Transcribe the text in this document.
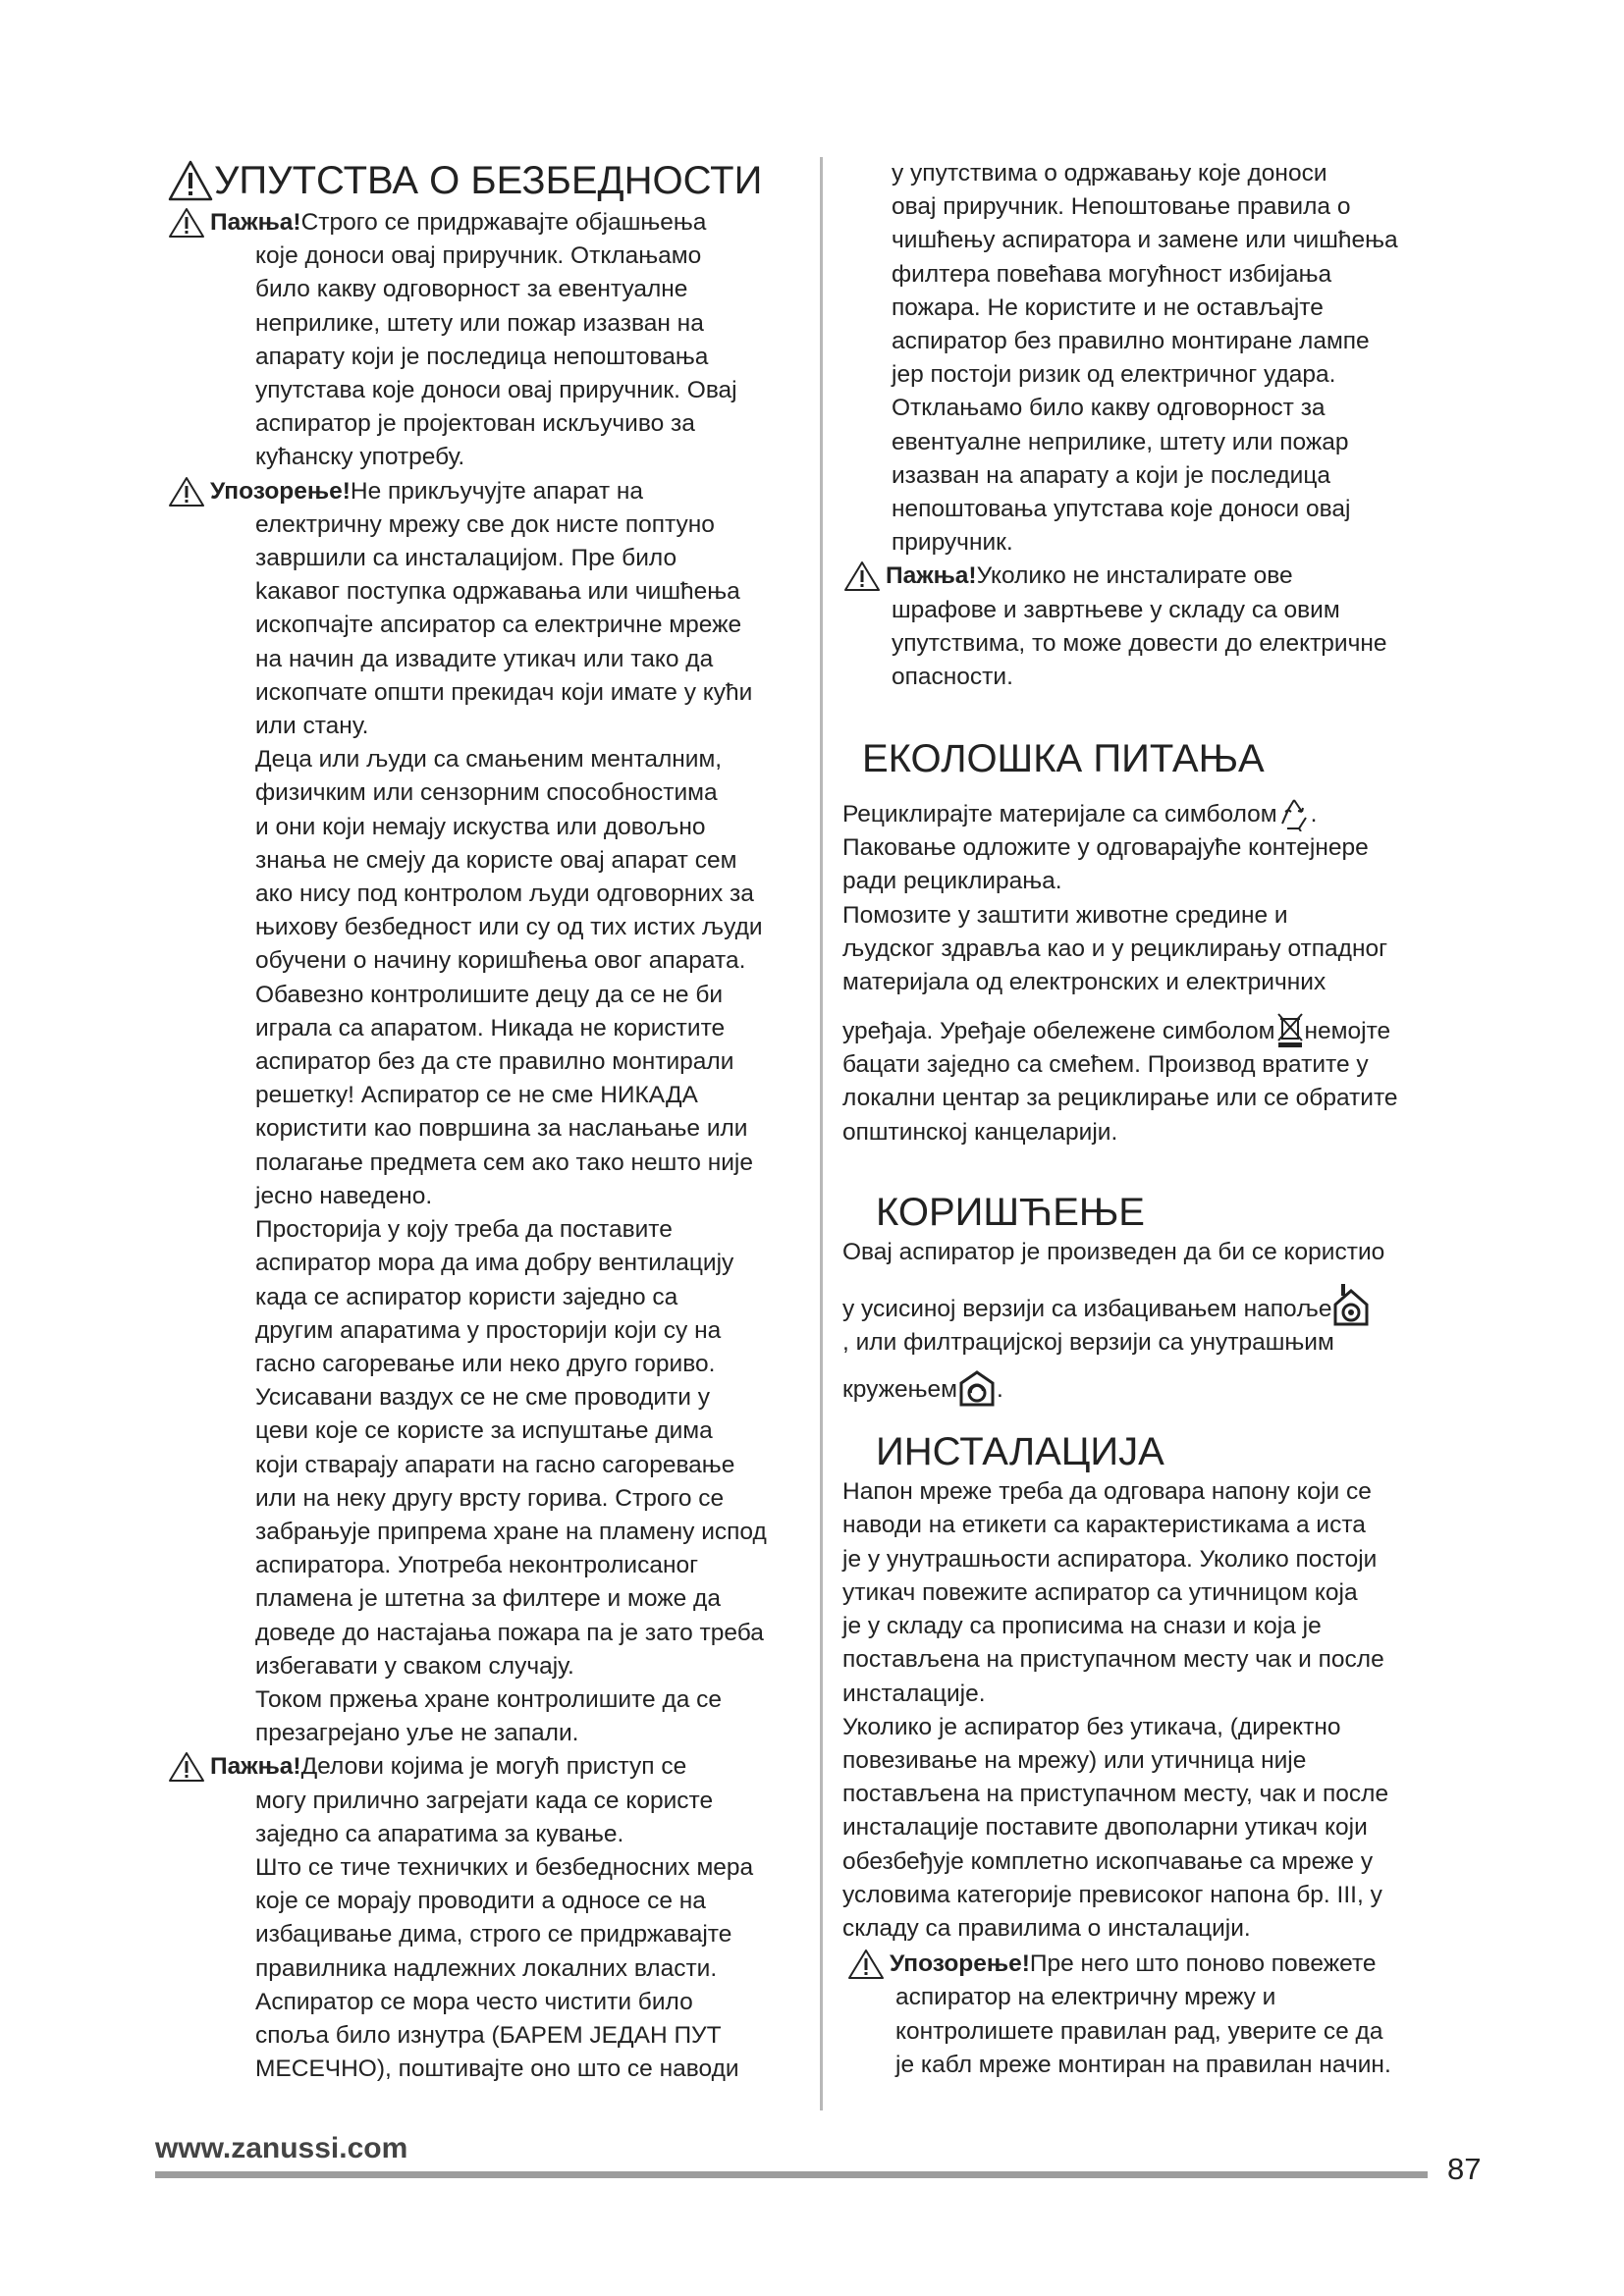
УПУТСТВА О БЕЗБЕДНОСТИ

Пажња!Строго се придржавајте објашњења

које доноси овај приручник. Отклањамо

било какву одговорност за евентуалне

неприлике, штету или пожар изазван на

апарату који је последица непоштовања

упутстава које доноси овај приручник. Овај

аспиратор је пројектован искључиво за

кућанску употребу.

Упозорење!Не прикључујте апарат на

електричну мрежу све док нисте поптуно

завршили са инсталацијом. Пре било

kакавог поступка одржавања или чишћења

ископчајте апсиратор са електричне мреже

на начин да извадите утикач или тако да

ископчате општи прекидач који имате у кући

или стану.

Деца или људи са смањеним менталним,

физичким или сензорним способностима

и они који немају искуства или довољно

знања не смеју да користе овај апарат сем

ако нису под контролом људи одговорних за

њихову безбедност или су од тих истих људи

обучени о начину коришћења овог апарата.

Обавезно контролишите децу да се не би

играла са апаратом. Никада не користите

аспиратор без да сте правилно монтирали

решетку! Аспиратор се не сме НИКАДА

користити као површина за наслањање или

полагање предмета сем ако тако нешто није

јесно наведено.

Просторија у коју треба да поставите

аспиратор мора да има добру вентилацију

када се аспиратор користи заједно са

другим апаратима у просторији који су на

гасно сагоревање или неко друго гориво.

Усисавани ваздух се не сме проводити у

цеви које се користе за испуштање дима

који стварају апарати на гасно сагоревање

или на неку другу врсту горива. Строго се

забрањује припрема хране на пламену испод

аспиратора. Употреба неконтролисаног

пламена је штетна за филтере и може да

доведе до настајања пожара па је зато треба

избегавати у сваком случају.

Током пржења хране контролишите да се

презагрејано уље не запали.

Пажња!Делови којима је могућ приступ се

могу прилично загрејати када се користе

заједно са апаратима за кување.

Што се тиче техничких и безбедносних мера

које се морају проводити а односе се на

избацивање дима, строго се придржавајте

правилника надлежних локалних власти.

Аспиратор се мора често чистити било

споља било изнутра (БАРЕМ ЈЕДАН ПУТ

МЕСЕЧНО), поштивајте оно што се наводи

у упутствима о одржавању које доноси

овај приручник. Непоштовање правила о

чишћењу аспиратора и замене или чишћења

филтера повећава могућност избијања

пожара. Не користите и не остављајте

аспиратор без правилно монтиране лампе

јер постоји ризик од електричног удара.

Отклањамо било какву одговорност за

евентуалне неприлике, штету или пожар

изазван на апарату а који је последица

непоштовања упутстава које доноси овај

приручник.

Пажња!Уколико не инсталирате ове

шрафове и завртњеве у складу са овим

упутствима, то може довести до електричне

опасности.

ЕКОЛОШКА ПИТАЊА

Рециклирајте материјале са симболом .

Паковање одложите у одговарајуће контејнере

ради рециклирања.

Помозите у заштити животне средине и

људског здравља као и у рециклирању отпадног

материјала од електронских и електричних

уређаја. Уређаје обележене симболом немојте

бацати заједно са смећем. Производ вратите у

локални центар за рециклирање или се обратите

општинској канцеларији.

КОРИШЋЕЊЕ

Овај аспиратор је произведен да би се користио

у усисиној верзији са избацивањем напоље

, или филтрацијској верзији са унутрашњим

кружењем .

ИНСТАЛАЦИЈА

Напон мреже треба да одговара напону који се

наводи на етикети са карактеристикама а иста

је у унутрашњости аспиратора. Уколико постоји

утикач повежите аспиратор са утичницом која

је у складу са прописима на снази и која је

постављена на приступачном месту чак и после

инсталације.

Уколико је аспиратор без утикача, (директно

повезивање на мрежу) или утичница није

постављена на приступачном месту, чак и после

инсталације поставите двополарни утикач који

обезбеђује комплетно ископчавање са мреже у

условима категорије превисоког напона бр. III, у

складу са правилима о инсталацији.

Упозорење!Пре него што поново повежете

аспиратор на електричну мрежу и

контролишете правилан рад, уверите се да

је кабл мреже монтиран на правилан начин.

www.zanussi.com
87
